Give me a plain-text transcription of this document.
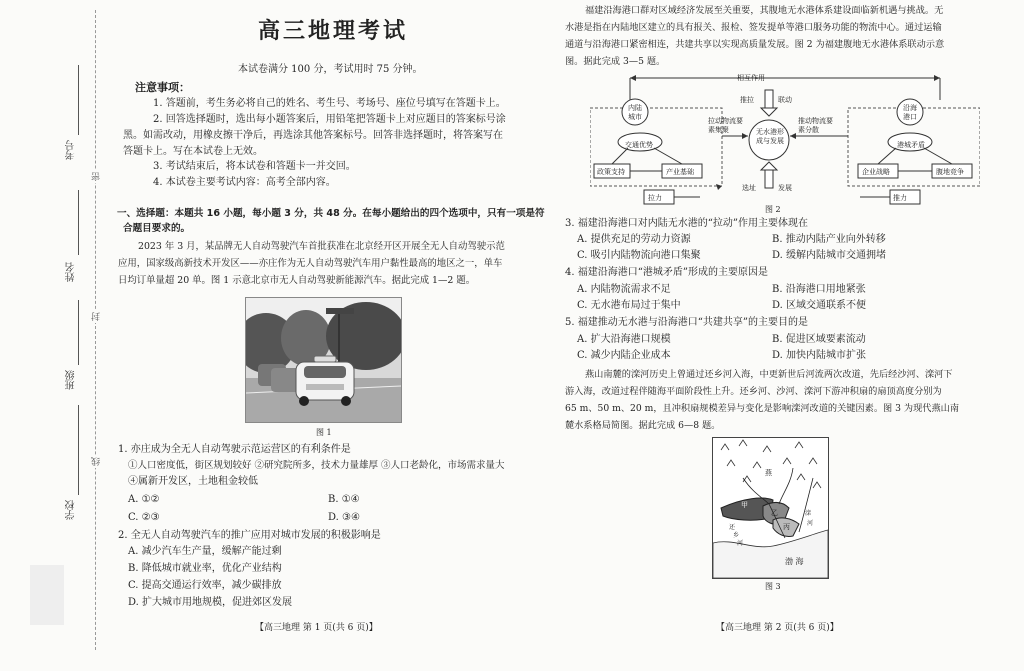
考号
姓名
班级
学校
密
封
线
高三地理考试
本试卷满分 100 分，考试用时 75 分钟。
注意事项：
1. 答题前，考生务必将自己的姓名、考生号、考场号、座位号填写在答题卡上。
2. 回答选择题时，选出每小题答案后，用铅笔把答题卡上对应题目的答案标号涂
黑。如需改动，用橡皮擦干净后，再选涂其他答案标号。回答非选择题时，将答案写在
答题卡上。写在本试卷上无效。
3. 考试结束后，将本试卷和答题卡一并交回。
4. 本试卷主要考试内容：高考全部内容。
一、选择题：本题共 16 小题，每小题 3 分，共 48 分。在每小题给出的四个选项中，只有一项是符
合题目要求的。
2023 年 3 月，某品牌无人自动驾驶汽车首批获准在北京经开区开展全无人自动驾驶示范
应用，国家级高新技术开发区——亦庄作为无人自动驾驶汽车用户黏性最高的地区之一，单车
日均订单量超 20 单。图 1 示意北京市无人自动驾驶新能源汽车。据此完成 1—2 题。
图 1
1. 亦庄成为全无人自动驾驶示范运营区的有利条件是
①人口密度低，街区规划较好 ②研究院所多，技术力量雄厚 ③人口老龄化，市场需求量大
④属新开发区，土地租金较低
A. ①②	B. ①④
C. ②③	D. ③④
2. 全无人自动驾驶汽车的推广应用对城市发展的积极影响是
A. 减少汽车生产量，缓解产能过剩
B. 降低城市就业率，优化产业结构
C. 提高交通运行效率，减少碳排放
D. 扩大城市用地规模，促进郊区发展
【高三地理 第 1 页(共 6 页)】
福建沿海港口群对区域经济发展至关重要，其腹地无水港体系建设面临新机遇与挑战。无
水港是指在内陆地区建立的具有报关、报检、签发提单等港口服务功能的物流中心。通过运输
通道与沿海港口紧密相连，共建共享以实现高质量发展。图 2 为福建腹地无水港体系联动示意
图。据此完成 3—5 题。
相互作用
推拉	联动
内陆城市
沿海港口
交通优势
政策支持	产业基础
拉力
拉动物流要素集聚
推动物流要素分散
无水港形成与发展	港城矛盾
企业战略	腹地竞争
推力
选址	发展
图 2
3. 福建沿海港口对内陆无水港的“拉动”作用主要体现在
A. 提供充足的劳动力资源	B. 推动内陆产业向外转移
C. 吸引内陆物流向港口集聚	D. 缓解内陆城市交通拥堵
4. 福建沿海港口“港城矛盾”形成的主要原因是
A. 内陆物流需求不足	B. 沿海港口用地紧张
C. 无水港布局过于集中	D. 区域交通联系不便
5. 福建推动无水港与沿海港口“共建共享”的主要目的是
A. 扩大沿海港口规模	B. 促进区域要素流动
C. 减少内陆企业成本	D. 加快内陆城市扩张
燕山南麓的滦河历史上曾通过还乡河入海，中更新世后河流两次改道，先后经沙河、滦河下
游入海，改道过程伴随海平面阶段性上升。还乡河、沙河、滦河下游冲积扇的扇顶高度分别为
65 m、50 m、20 m，且冲积扇规模差异与变化是影响滦河改道的关键因素。图 3 为现代燕山南
麓水系格局简图。据此完成 6—8 题。
燕
甲
乙
丙
还
乡
河
滦
河
渤 海
图 3
【高三地理 第 2 页(共 6 页)】
